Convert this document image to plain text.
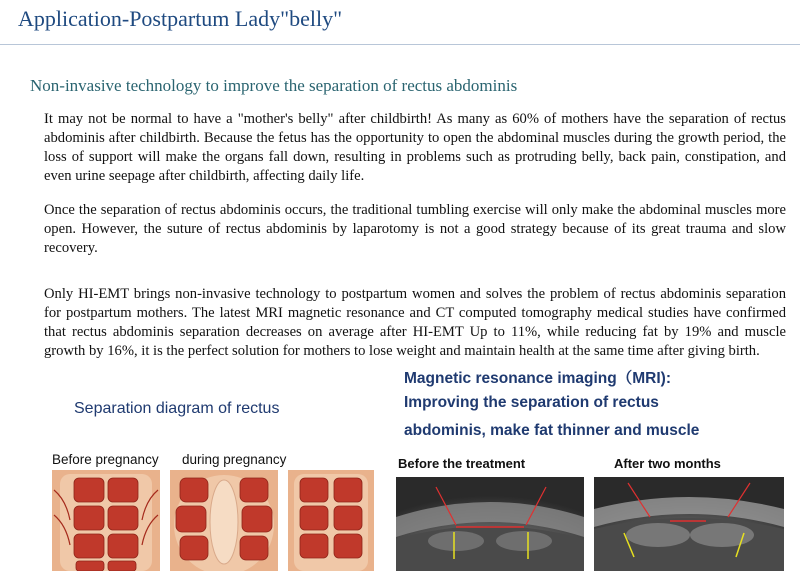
Application-Postpartum Lady"belly"
Non-invasive technology to improve the separation of rectus abdominis
It may not be normal to have a "mother's belly" after childbirth! As many as 60% of mothers have the separation of rectus abdominis after childbirth. Because the fetus has the opportunity to open the abdominal muscles during the growth period, the loss of support will make the organs fall down, resulting in problems such as protruding belly, back pain, constipation, and even urine seepage after childbirth, affecting daily life.
Once the separation of rectus abdominis occurs, the traditional tumbling exercise will only make the abdominal muscles more open. However, the suture of rectus abdominis by laparotomy is not a good strategy because of its great trauma and slow recovery.
Only HI-EMT brings non-invasive technology to postpartum women and solves the problem of rectus abdominis separation for postpartum mothers. The latest MRI magnetic resonance and CT computed tomography medical studies have confirmed that rectus abdominis separation decreases on average after HI-EMT Up to 11%, while reducing fat by 19% and muscle growth by 16%, it is the perfect solution for mothers to lose weight and maintain health at the same time after giving birth.
Separation diagram of rectus
Before pregnancy during pregnancy
Magnetic resonance imaging（MRI):
Improving the separation of rectus
abdominis, make fat thinner and muscle
Before the treatment	After two months
